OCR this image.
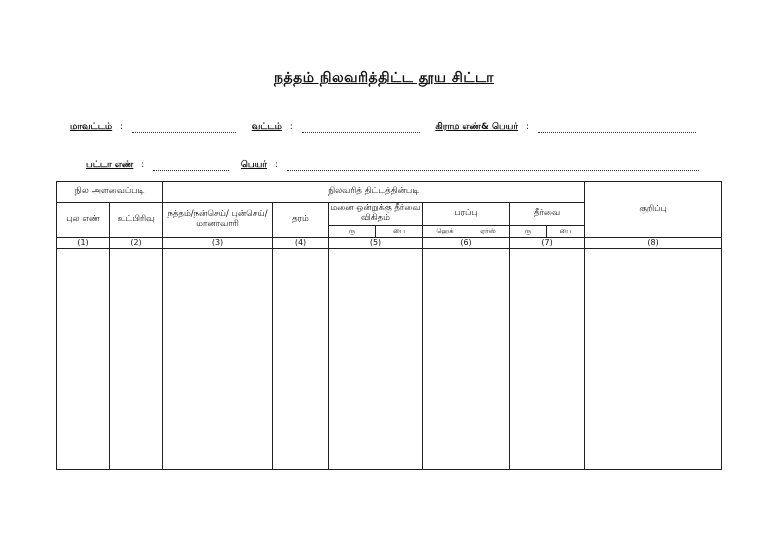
நத்தம் நிலவரித்திட்ட தூய சிட்டா
மாவட்டம் :	வட்டம் :	கிராம எண்& பெயர் :
பட்டா எண் :	பெயர் :
நில அளவைப்படி		நிலவரித் திட்டத்தின்படி							குறிப்பு
புல எண்	உட்பிரிவு	நத்தம்/நன்செய்/ புன்செய்/மானாவாரி	தரம்	மனை ஒன்றுக்கு தீர்வை விகிதம்		பரப்பு	தீர்வை		
				ரு	பை	ஹெக் ஏர்ஸ்	ரு	பை	
(1)	(2)	(3)	(4)	(5)		(6)	(7)		(8)
